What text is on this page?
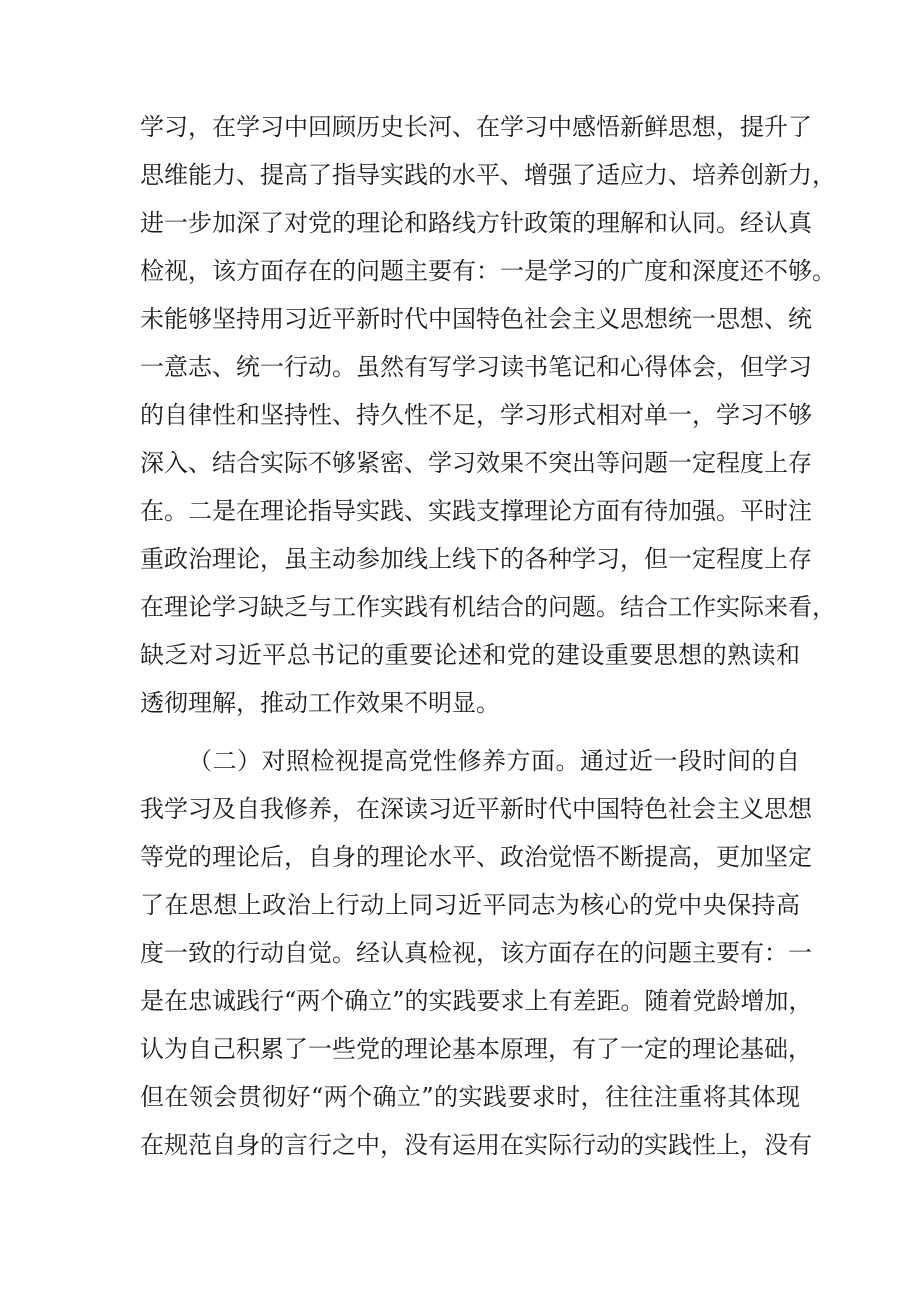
学习，在学习中回顾历史长河、在学习中感悟新鲜思想，提升了
思维能力、提高了指导实践的水平、增强了适应力、培养创新力，
进一步加深了对党的理论和路线方针政策的理解和认同。经认真
检视，该方面存在的问题主要有：一是学习的广度和深度还不够。
未能够坚持用习近平新时代中国特色社会主义思想统一思想、统
一意志、统一行动。虽然有写学习读书笔记和心得体会，但学习
的自律性和坚持性、持久性不足，学习形式相对单一，学习不够
深入、结合实际不够紧密、学习效果不突出等问题一定程度上存
在。二是在理论指导实践、实践支撑理论方面有待加强。平时注
重政治理论，虽主动参加线上线下的各种学习，但一定程度上存
在理论学习缺乏与工作实践有机结合的问题。结合工作实际来看，
缺乏对习近平总书记的重要论述和党的建设重要思想的熟读和
透彻理解，推动工作效果不明显。
（二）对照检视提高党性修养方面。通过近一段时间的自
我学习及自我修养，在深读习近平新时代中国特色社会主义思想
等党的理论后，自身的理论水平、政治觉悟不断提高，更加坚定
了在思想上政治上行动上同习近平同志为核心的党中央保持高
度一致的行动自觉。经认真检视，该方面存在的问题主要有：一
是在忠诚践行“两个确立”的实践要求上有差距。随着党龄增加，
认为自己积累了一些党的理论基本原理，有了一定的理论基础，
但在领会贯彻好“两个确立”的实践要求时，往往注重将其体现
在规范自身的言行之中，没有运用在实际行动的实践性上，没有
